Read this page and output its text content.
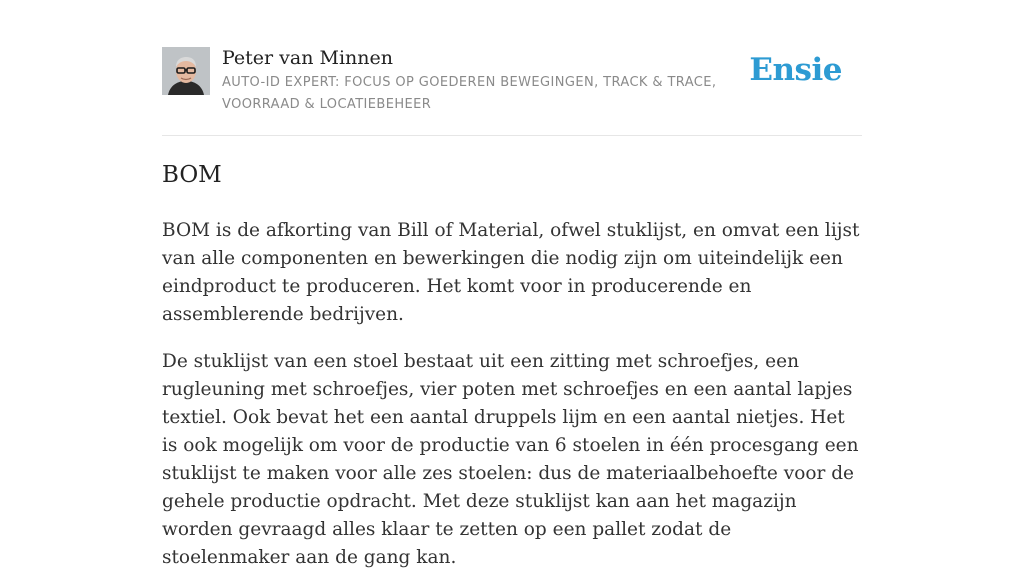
Peter van Minnen
AUTO-ID EXPERT: FOCUS OP GOEDEREN BEWEGINGEN, TRACK & TRACE, VOORRAAD & LOCATIEBEHEER
Ensie
BOM

BOM is de afkorting van Bill of Material, ofwel stuklijst, en omvat een lijst van alle componenten en bewerkingen die nodig zijn om uiteindelijk een eindproduct te produceren. Het komt voor in producerende en assemblerende bedrijven.

De stuklijst van een stoel bestaat uit een zitting met schroefjes, een rugleuning met schroefjes, vier poten met schroefjes en een aantal lapjes textiel. Ook bevat het een aantal druppels lijm en een aantal nietjes. Het is ook mogelijk om voor de productie van 6 stoelen in één procesgang een stuklijst te maken voor alle zes stoelen: dus de materiaalbehoefte voor de gehele productie opdracht. Met deze stuklijst kan aan het magazijn worden gevraagd alles klaar te zetten op een pallet zodat de stoelenmaker aan de gang kan.
